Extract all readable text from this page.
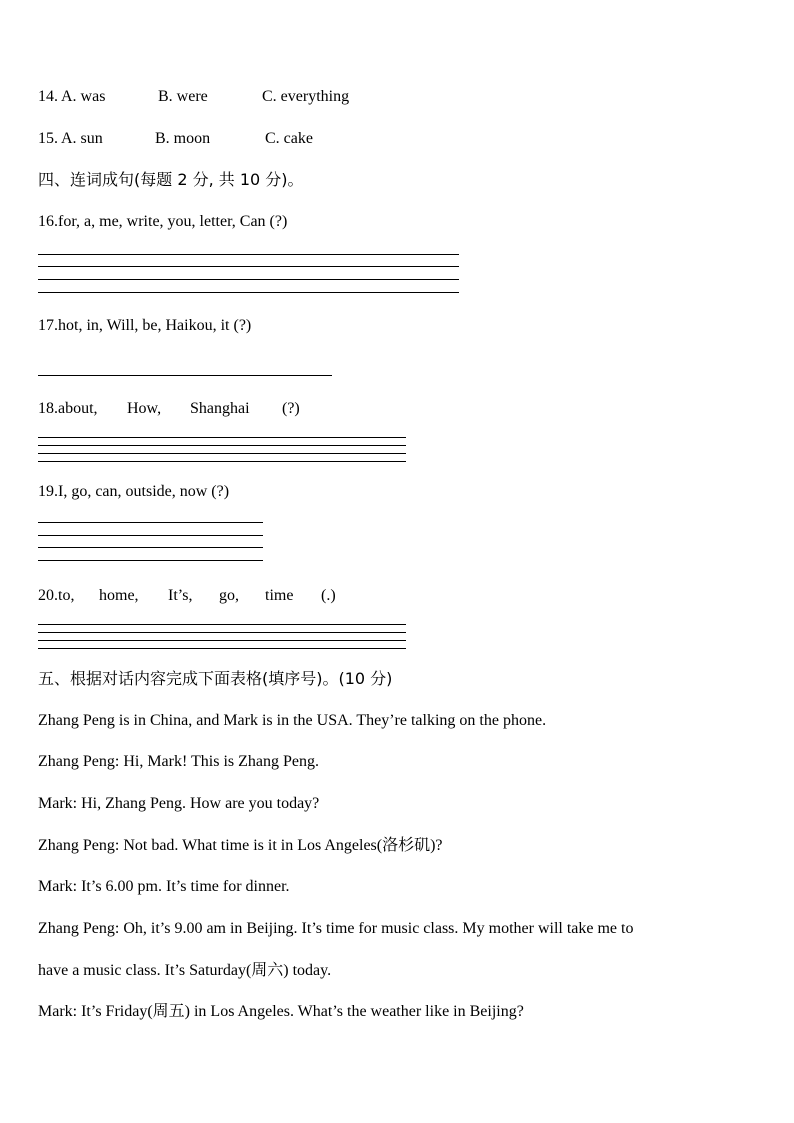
14. A. was	B. were	C. everything
15. A. sun	B. moon	C. cake
四、连词成句(每题 2 分, 共 10 分)。
16.for, a, me, write, you, letter, Can (?)
17.hot, in, Will, be, Haikou, it (?)
18.about, How, Shanghai (?)
19.I, go, can, outside, now (?)
20.to, home, It’s, go, time (.)
五、根据对话内容完成下面表格(填序号)。(10 分)
Zhang Peng is in China, and Mark is in the USA. They’re talking on the phone.
Zhang Peng: Hi, Mark! This is Zhang Peng.
Mark: Hi, Zhang Peng. How are you today?
Zhang Peng: Not bad. What time is it in Los Angeles(洛杉矶)?
Mark: It’s 6.00 pm. It’s time for dinner.
Zhang Peng: Oh, it’s 9.00 am in Beijing. It’s time for music class. My mother will take me to
have a music class. It’s Saturday(周六) today.
Mark: It’s Friday(周五) in Los Angeles. What’s the weather like in Beijing?
